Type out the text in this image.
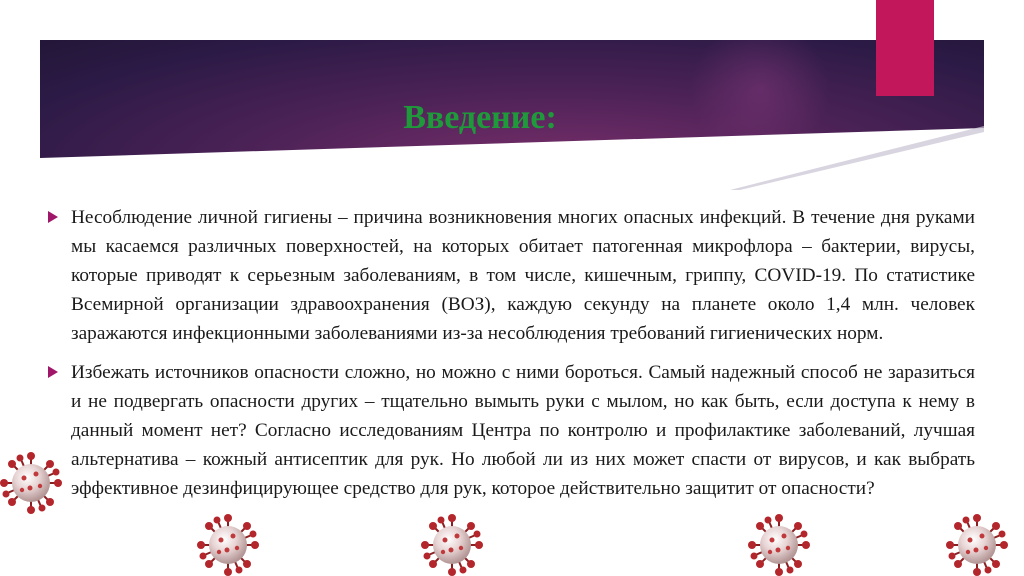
Введение:
Несоблюдение личной гигиены – причина возникновения многих опасных инфекций. В течение дня руками мы касаемся различных поверхностей, на которых обитает патогенная микрофлора – бактерии, вирусы, которые приводят к серьезным заболеваниям, в том числе, кишечным, гриппу, COVID-19. По статистике Всемирной организации здравоохранения (ВОЗ), каждую секунду на планете около 1,4 млн. человек заражаются инфекционными заболеваниями из-за несоблюдения требований гигиенических норм.
Избежать источников опасности сложно, но можно с ними бороться. Самый надежный способ не заразиться и не подвергать опасности других – тщательно вымыть руки с мылом, но как быть, если доступа к нему в данный момент нет? Согласно исследованиям Центра по контролю и профилактике заболеваний, лучшая альтернатива – кожный антисептик для рук. Но любой ли из них может спасти от вирусов, и как выбрать эффективное дезинфицирующее средство для рук, которое действительно защитит от опасности?
